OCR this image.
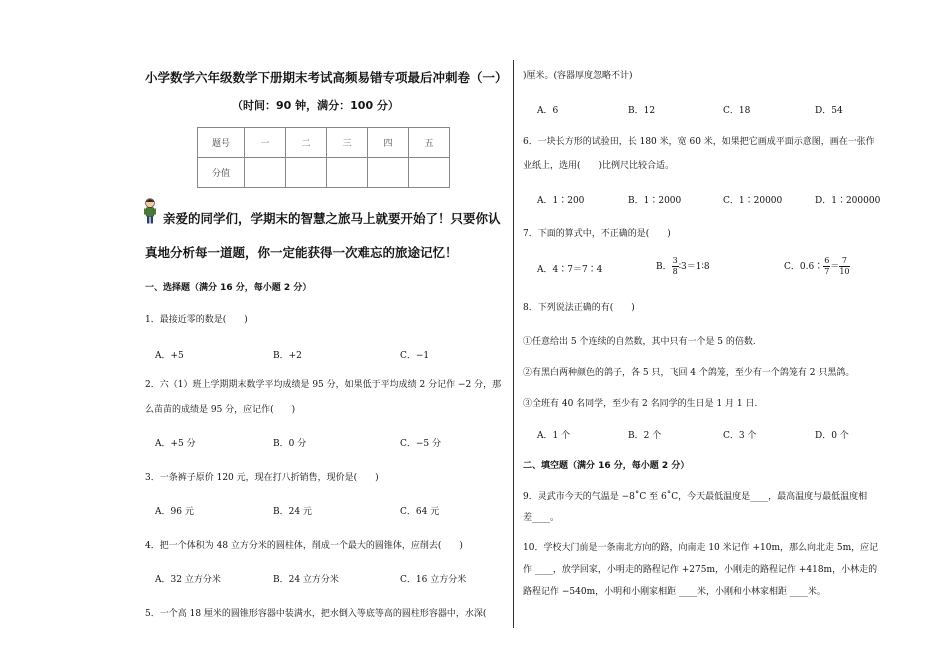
小学数学六年级数学下册期末考试高频易错专项最后冲刺卷（一）
（时间：90 钟，满分：100 分）
题号	一	二	三	四	五
分值					
亲爱的同学们，学期末的智慧之旅马上就要开始了！只要你认
真地分析每一道题，你一定能获得一次难忘的旅途记忆！
一、选择题（满分 16 分，每小题 2 分）
1．最接近零的数是(　　)
A．+5	B．+2	C．−1
2．六（1）班上学期期末数学平均成绩是 95 分，如果低于平均成绩 2 分记作 −2 分，那
么苗苗的成绩是 95 分，应记作(　　)
A．+5 分	B．0 分	C．−5 分
3．一条裤子原价 120 元，现在打八折销售，现价是(　　)
A．96 元	B．24 元	C．64 元
4．把一个体积为 48 立方分米的圆柱体，削成一个最大的圆锥体，应削去(　　)
A．32 立方分米	B．24 立方分米	C．16 立方分米
5．一个高 18 厘米的圆锥形容器中装满水，把水倒入等底等高的圆柱形容器中，水深(
)厘米。(容器厚度忽略不计)
A．6	B．12	C．18	D．54
6．一块长方形的试验田，长 180 米，宽 60 米，如果把它画成平面示意图，画在一张作
业纸上，选用(　　)比例尺比较合适。
A．1∶200	B．1∶2000	C．1∶20000	D．1∶200000
7．下面的算式中，不正确的是(　　)
A．4∶7＝7∶4	B． $\frac{3}{8}$ ∶3＝1∶8	C．0.6∶ $\frac{6}{7} = \frac{7}{10}$
8．下列说法正确的有(　　)
①任意给出 5 个连续的自然数，其中只有一个是 5 的倍数.
②有黑白两种颜色的鸽子，各 5 只，飞回 4 个鸽笼，至少有一个鸽笼有 2 只黑鸽。
③全班有 40 名同学，至少有 2 名同学的生日是 1 月 1 日.
A．1 个	B．2 个	C．3 个	D．0 个
二、填空题（满分 16 分，每小题 2 分）
9．灵武市今天的气温是 −8˚C 至 6˚C，今天最低温度是____，最高温度与最低温度相
差____。
10．学校大门前是一条南北方向的路，向南走 10 米记作 +10m，那么向北走 5m，应记
作 ____，放学回家，小明走的路程记作 +275m，小刚走的路程记作 +418m，小林走的
路程记作 −540m，小明和小刚家相距 ____米，小刚和小林家相距 ____米。
